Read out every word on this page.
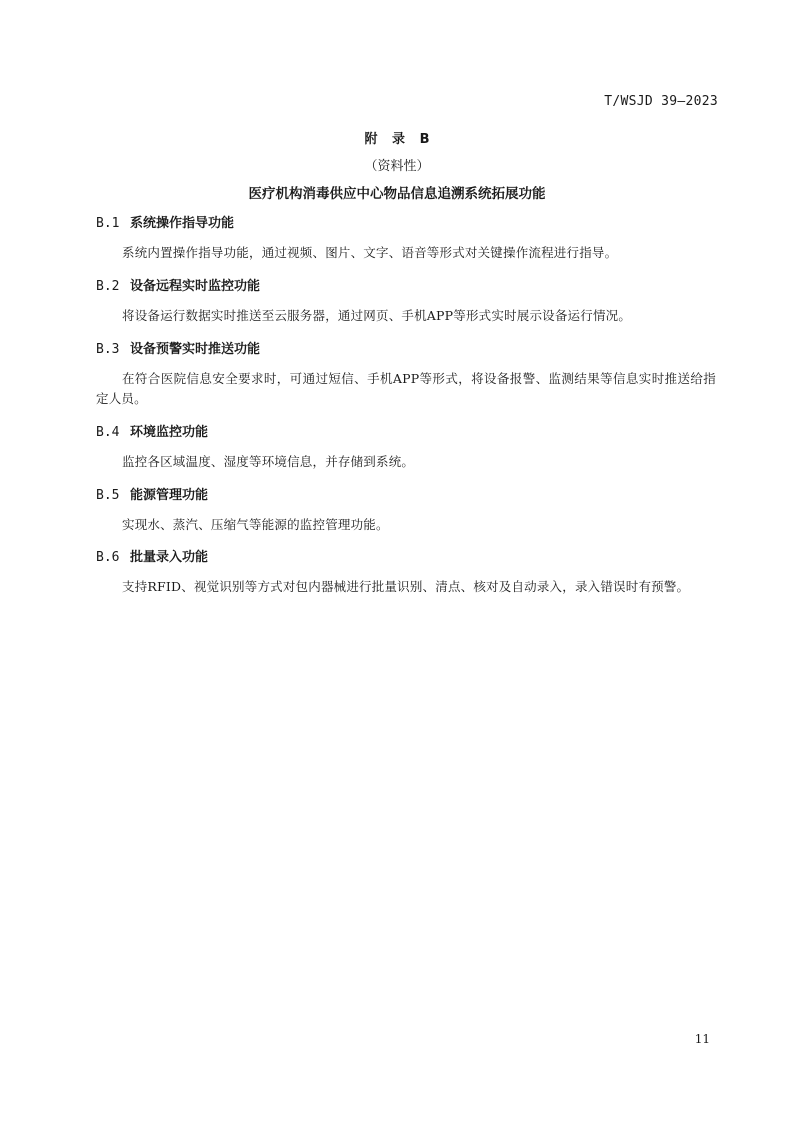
T/WSJD 39—2023
附 录 B
（资料性）
医疗机构消毒供应中心物品信息追溯系统拓展功能
B.1 系统操作指导功能
系统内置操作指导功能，通过视频、图片、文字、语音等形式对关键操作流程进行指导。
B.2 设备远程实时监控功能
将设备运行数据实时推送至云服务器，通过网页、手机APP等形式实时展示设备运行情况。
B.3 设备预警实时推送功能
在符合医院信息安全要求时，可通过短信、手机APP等形式，将设备报警、监测结果等信息实时推送给指定人员。
B.4 环境监控功能
监控各区域温度、湿度等环境信息，并存储到系统。
B.5 能源管理功能
实现水、蒸汽、压缩气等能源的监控管理功能。
B.6 批量录入功能
支持RFID、视觉识别等方式对包内器械进行批量识别、清点、核对及自动录入，录入错误时有预警。
11
